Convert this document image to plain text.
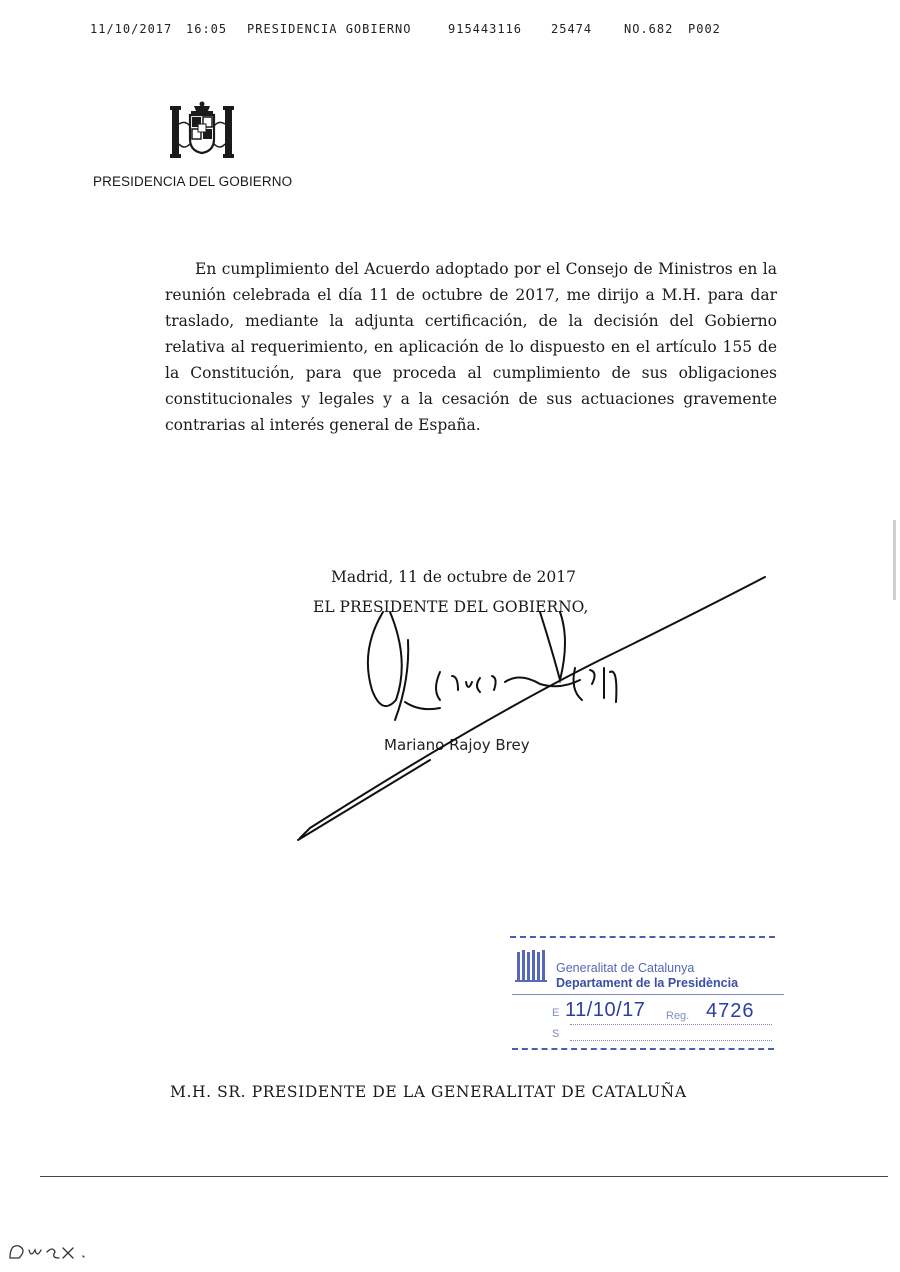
11/10/2017 16:05 PRESIDENCIA GOBIERNO	915443116 25474	NO.682 P002
PRESIDENCIA DEL GOBIERNO

En cumplimiento del Acuerdo adoptado por el Consejo de Ministros en la reunión celebrada el día 11 de octubre de 2017, me dirijo a M.H. para dar traslado, mediante la adjunta certificación, de la decisión del Gobierno relativa al requerimiento, en aplicación de lo dispuesto en el artículo 155 de la Constitución, para que proceda al cumplimiento de sus obligaciones constitucionales y legales y a la cesación de sus actuaciones gravemente contrarias al interés general de España.

Madrid, 11 de octubre de 2017
EL PRESIDENTE DEL GOBIERNO,
Mariano Rajoy Brey
Generalitat de Catalunya
Departament de la Presidència
E 11/10/17 Reg. 4726
S
M.H. SR. PRESIDENTE DE LA GENERALITAT DE CATALUÑA
